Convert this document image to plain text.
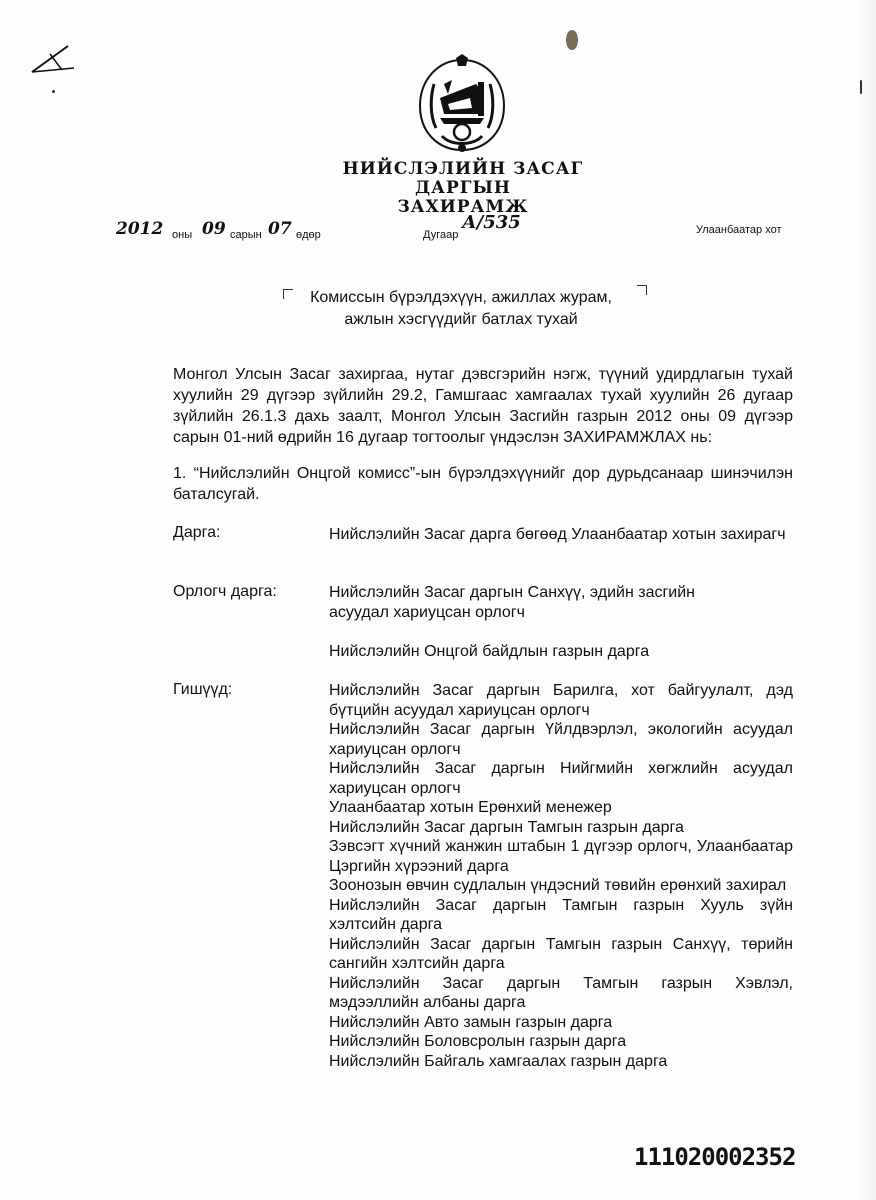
НИЙСЛЭЛИЙН ЗАСАГ ДАРГЫН
ЗАХИРАМЖ
2012 оны 09 сарын 07 өдөр	Дугаар
А/535	Улаанбаатар хот
Комиссын бүрэлдэхүүн, ажиллах журам,
ажлын хэсгүүдийг батлах тухай
Монгол Улсын Засаг захиргаа, нутаг дэвсгэрийн нэгж, түүний удирдлагын тухай хуулийн 29 дүгээр зүйлийн 29.2, Гамшгаас хамгаалах тухай хуулийн 26 дугаар зүйлийн 26.1.3 дахь заалт, Монгол Улсын Засгийн газрын 2012 оны 09 дүгээр сарын 01-ний өдрийн 16 дугаар тогтоолыг үндэслэн ЗАХИРАМЖЛАХ нь:
1. “Нийслэлийн Онцгой комисс”-ын бүрэлдэхүүнийг дор дурьдсанаар шинэчилэн баталсугай.
Дарга:	Нийслэлийн Засаг дарга бөгөөд Улаанбаатар хотын захирагч
Орлогч дарга:	Нийслэлийн Засаг даргын Санхүү, эдийн засгийн асуудал хариуцсан орлогч
Нийслэлийн Онцгой байдлын газрын дарга
Гишүүд:	Нийслэлийн Засаг даргын Барилга, хот байгуулалт, дэд бүтцийн асуудал хариуцсан орлогч
Нийслэлийн Засаг даргын Үйлдвэрлэл, экологийн асуудал хариуцсан орлогч
Нийслэлийн Засаг даргын Нийгмийн хөгжлийн асуудал хариуцсан орлогч
Улаанбаатар хотын Ерөнхий менежер
Нийслэлийн Засаг даргын Тамгын газрын дарга
Зэвсэгт хүчний жанжин штабын 1 дүгээр орлогч, Улаанбаатар Цэргийн хүрээний дарга
Зоонозын өвчин судлалын үндэсний төвийн ерөнхий захирал
Нийслэлийн Засаг даргын Тамгын газрын Хууль зүйн хэлтсийн дарга
Нийслэлийн Засаг даргын Тамгын газрын Санхүү, төрийн сангийн хэлтсийн дарга
Нийслэлийн Засаг даргын Тамгын газрын Хэвлэл, мэдээллийн албаны дарга
Нийслэлийн Авто замын газрын дарга
Нийслэлийн Боловсролын газрын дарга
Нийслэлийн Байгаль хамгаалах газрын дарга
111020002352
